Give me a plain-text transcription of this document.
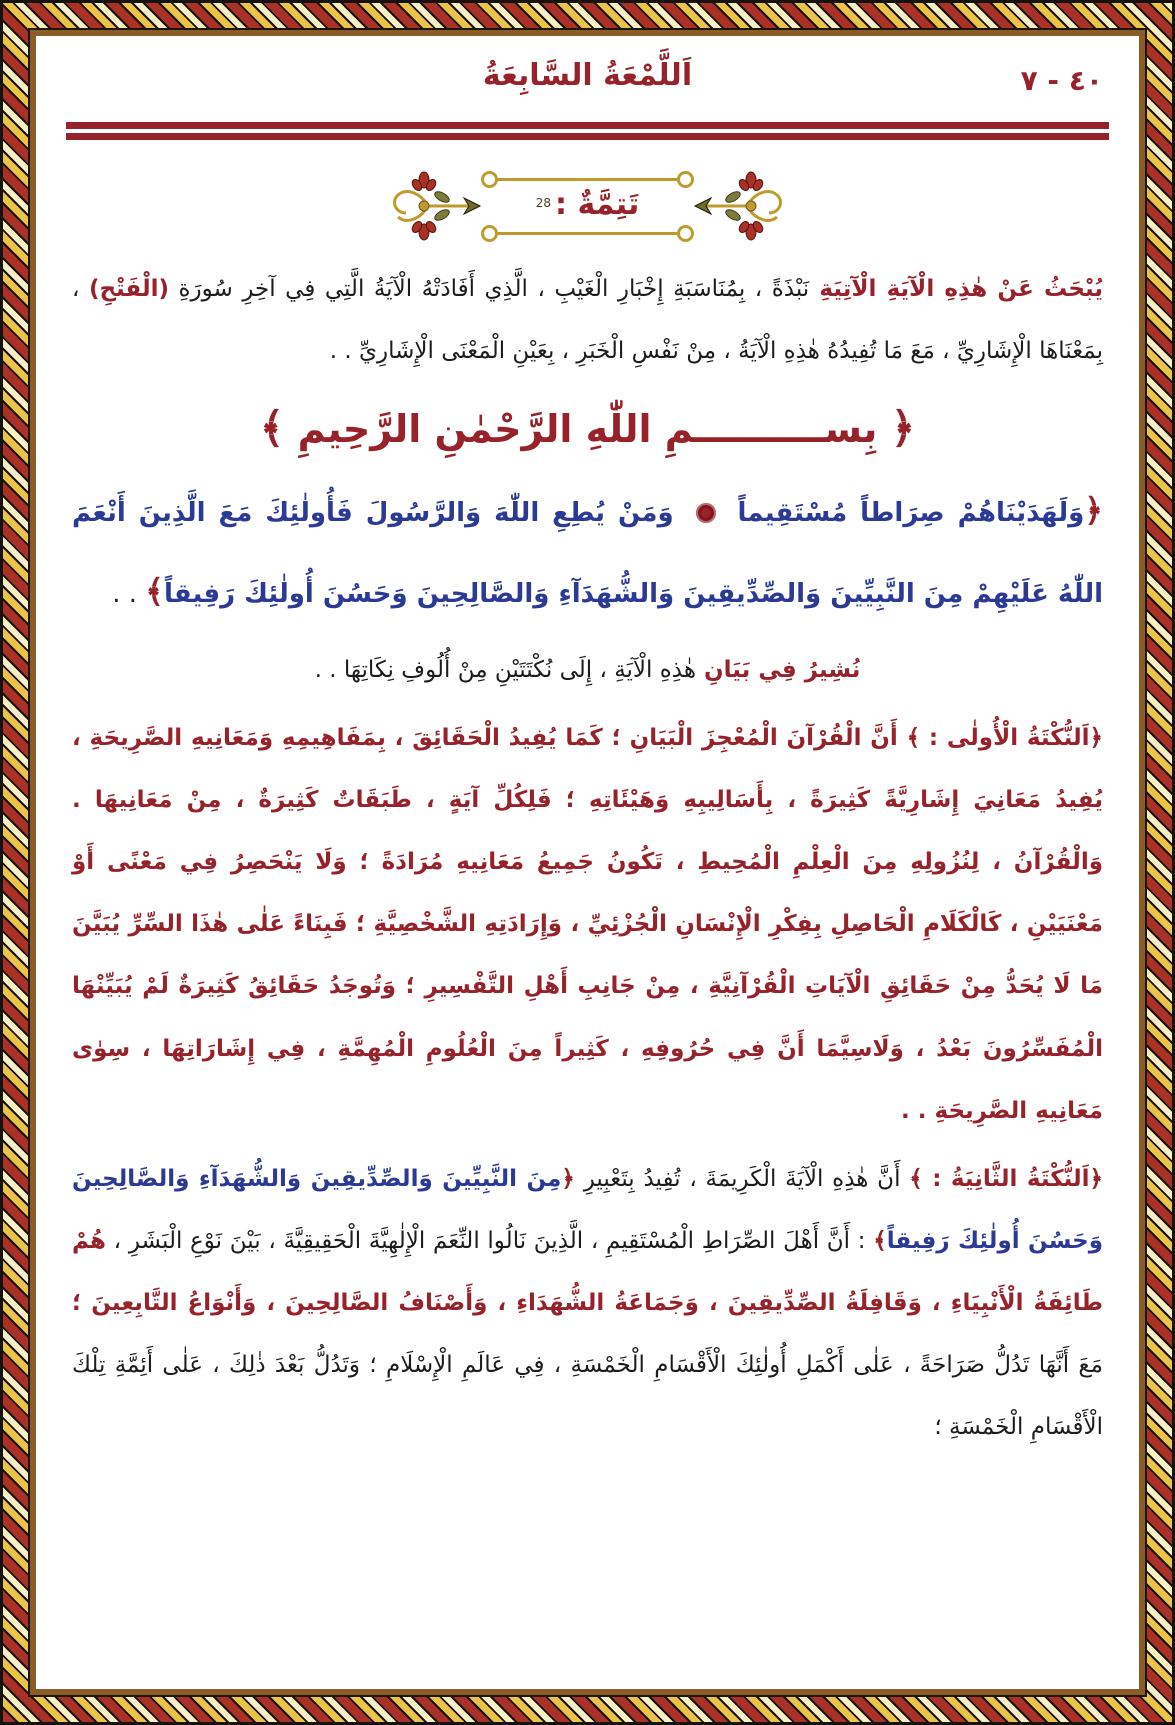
اَللَّمْعَةُ السَّابِعَةُ	٤٠ - ٧
تَتِمَّةٌ :$^{28}$

يُبْحَثُ عَنْ هٰذِهِ الْآيَةِ الْآتِيَةِ نَبْذَةً ، بِمُنَاسَبَةِ إِخْبَارِ الْغَيْبِ ، الَّذِي أَفَادَتْهُ الْآيَةُ الَّتِي فِي آخِرِ سُورَةِ (الْفَتْحِ) ، بِمَعْنَاهَا الْإِشَارِيِّ ، مَعَ مَا تُفِيدُهُ هٰذِهِ الْآيَةُ ، مِنْ نَفْسِ الْخَبَرِ ، بِعَيْنِ الْمَعْنَى الْإِشَارِيِّ . .

﴿ بِســــــــــمِ اللّٰهِ الرَّحْمٰنِ الرَّحِيمِ ﴾

﴿وَلَهَدَيْنَاهُمْ صِرَاطاً مُسْتَقِيماً  وَمَنْ يُطِعِ اللّٰهَ وَالرَّسُولَ فَأُولٰئِكَ مَعَ الَّذِينَ أَنْعَمَ اللّٰهُ عَلَيْهِمْ مِنَ النَّبِيِّينَ وَالصِّدِّيقِينَ وَالشُّهَدَآءِ وَالصَّالِحِينَ وَحَسُنَ أُولٰئِكَ رَفِيقاً﴾ . .

نُشِيرُ فِي بَيَانِ هٰذِهِ الْآيَةِ ، إِلَى نُكْتَتَيْنِ مِنْ أُلُوفِ نِكَاتِهَا . .

﴿اَلنُّكْتَةُ الْأُولٰى : ﴾ أَنَّ الْقُرْآنَ الْمُعْجِزَ الْبَيَانِ ؛ كَمَا يُفِيدُ الْحَقَائِقَ ، بِمَفَاهِيمِهِ وَمَعَانِيهِ الصَّرِيحَةِ ، يُفِيدُ مَعَانِيَ إِشَارِيَّةً كَثِيرَةً ، بِأَسَالِيبِهِ وَهَيْئَاتِهِ ؛ فَلِكُلِّ آيَةٍ ، طَبَقَاتٌ كَثِيرَةٌ ، مِنْ مَعَانِيهَا . وَالْقُرْآنُ ، لِنُزُولِهِ مِنَ الْعِلْمِ الْمُحِيطِ ، تَكُونُ جَمِيعُ مَعَانِيهِ مُرَادَةً ؛ وَلَا يَنْحَصِرُ فِي مَعْنًى أَوْ مَعْنَيَيْنِ ، كَالْكَلَامِ الْحَاصِلِ بِفِكْرِ الْإِنْسَانِ الْجُزْئِيِّ ، وَإِرَادَتِهِ الشَّخْصِيَّةِ ؛ فَبِنَاءً عَلٰى هٰذَا السِّرِّ يُبَيَّنَ مَا لَا يُحَدُّ مِنْ حَقَائِقِ الْآيَاتِ الْقُرْآنِيَّةِ ، مِنْ جَانِبِ أَهْلِ التَّفْسِيرِ ؛ وَتُوجَدُ حَقَائِقُ كَثِيرَةٌ لَمْ يُبَيِّنْهَا الْمُفَسِّرُونَ بَعْدُ ، وَلَاسِيَّمَا أَنَّ فِي حُرُوفِهِ ، كَثِيراً مِنَ الْعُلُومِ الْمُهِمَّةِ ، فِي إِشَارَاتِهَا ، سِوٰى مَعَانِيهِ الصَّرِيحَةِ . .

﴿اَلنُّكْتَةُ الثَّانِيَةُ : ﴾ أَنَّ هٰذِهِ الْآيَةَ الْكَرِيمَةَ ، تُفِيدُ بِتَعْبِيرِ ﴿مِنَ النَّبِيِّينَ وَالصِّدِّيقِينَ وَالشُّهَدَآءِ وَالصَّالِحِينَ وَحَسُنَ أُولٰئِكَ رَفِيقاً﴾ : أَنَّ أَهْلَ الصِّرَاطِ الْمُسْتَقِيمِ ، الَّذِينَ نَالُوا النِّعَمَ الْإِلٰهِيَّةَ الْحَقِيقِيَّةَ ، بَيْنَ نَوْعِ الْبَشَرِ ، هُمْ طَائِفَةُ الْأَنْبِيَاءِ ، وَقَافِلَةُ الصِّدِّيقِينَ ، وَجَمَاعَةُ الشُّهَدَاءِ ، وَأَصْنَافُ الصَّالِحِينَ ، وَأَنْوَاعُ التَّابِعِينَ ؛ مَعَ أَنَّهَا تَدُلُّ صَرَاحَةً ، عَلٰى أَكْمَلِ أُولٰئِكَ الْأَقْسَامِ الْخَمْسَةِ ، فِي عَالَمِ الْإِسْلَامِ ؛ وَتَدُلُّ بَعْدَ ذٰلِكَ ، عَلٰى أَئِمَّةِ تِلْكَ الْأَقْسَامِ الْخَمْسَةِ ؛
